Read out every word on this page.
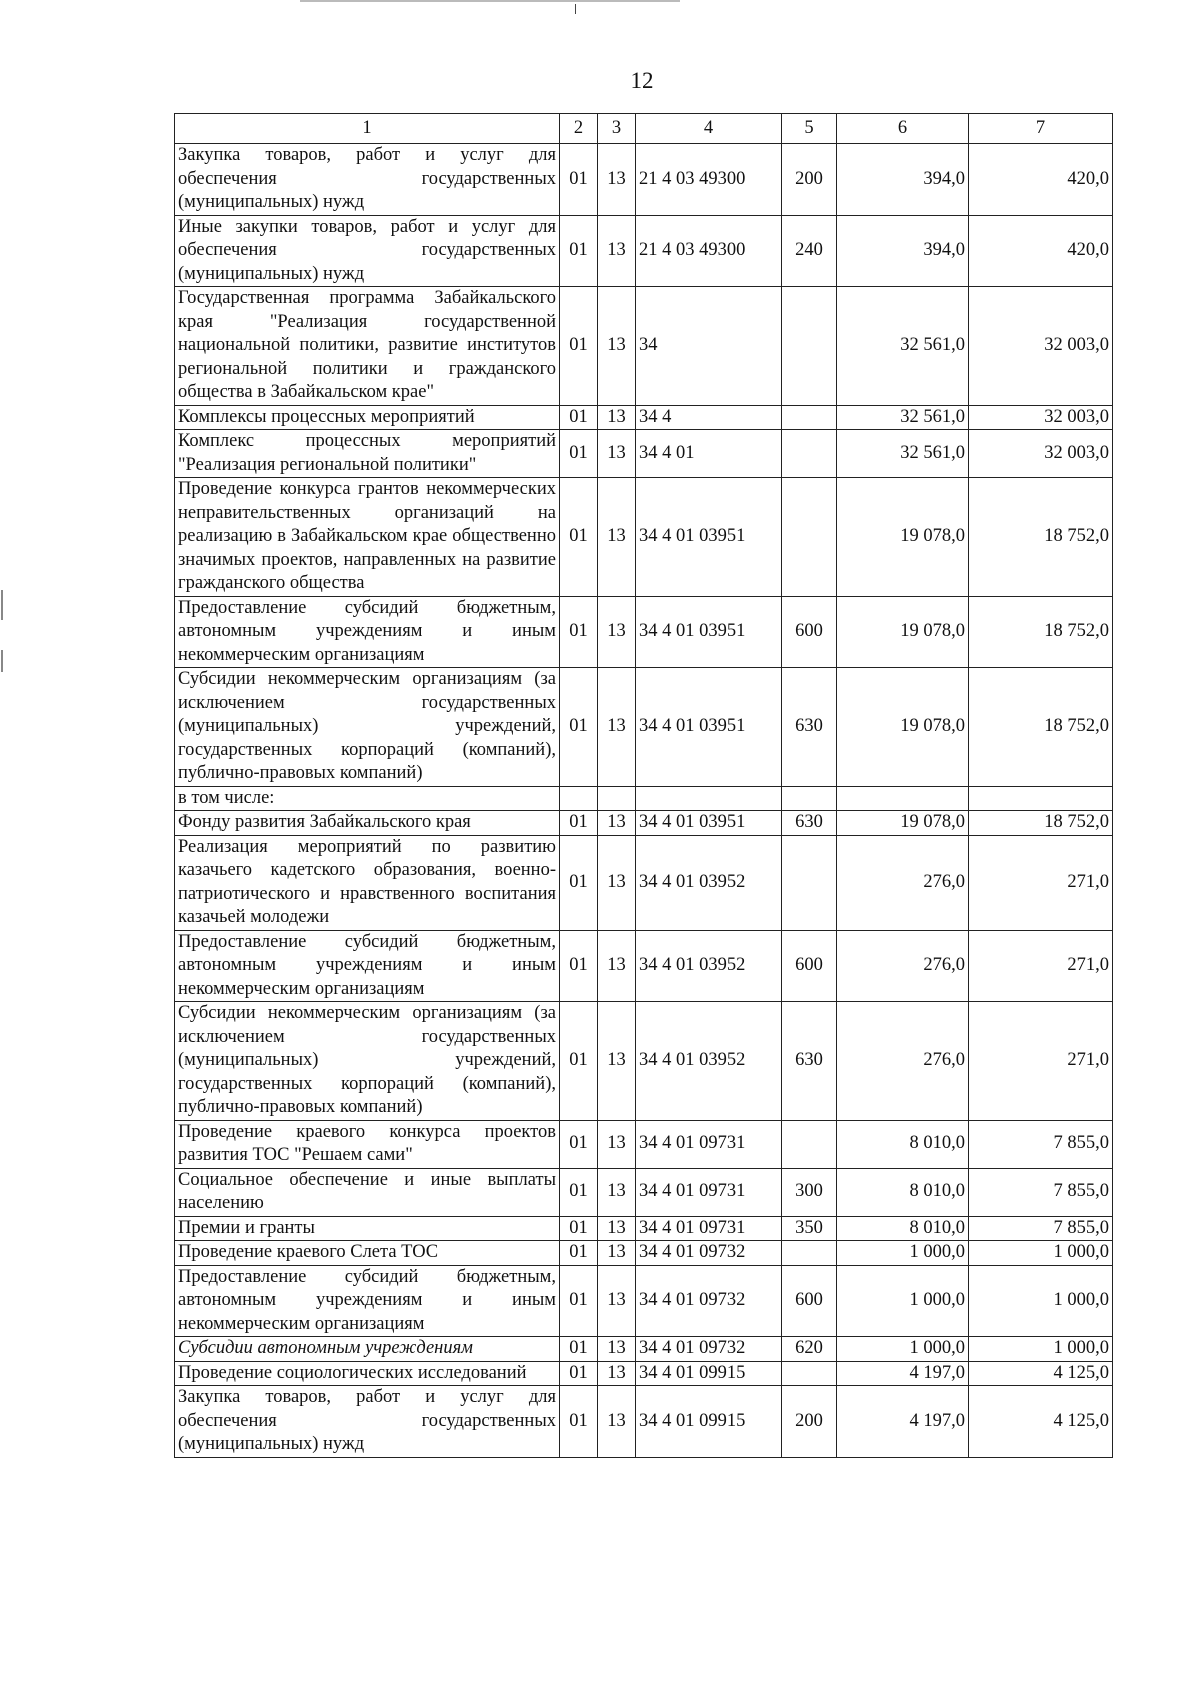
12
1	2	3	4	5	6	7
Закупка товаров, работ и услуг для обеспечения государственных (муниципальных) нужд	01	13	21 4 03 49300	200	394,0	420,0
Иные закупки товаров, работ и услуг для обеспечения государственных (муниципальных) нужд	01	13	21 4 03 49300	240	394,0	420,0
Государственная программа Забайкальского края "Реализация государственной национальной политики, развитие институтов региональной политики и гражданского общества в Забайкальском крае"	01	13	34		32 561,0	32 003,0
Комплексы процессных мероприятий	01	13	34 4		32 561,0	32 003,0
Комплекс процессных мероприятий "Реализация региональной политики"	01	13	34 4 01		32 561,0	32 003,0
Проведение конкурса грантов некоммерческих неправительственных организаций на реализацию в Забайкальском крае общественно значимых проектов, направленных на развитие гражданского общества	01	13	34 4 01 03951		19 078,0	18 752,0
Предоставление субсидий бюджетным, автономным учреждениям и иным некоммерческим организациям	01	13	34 4 01 03951	600	19 078,0	18 752,0
Субсидии некоммерческим организациям (за исключением государственных (муниципальных) учреждений, государственных корпораций (компаний), публично-правовых компаний)	01	13	34 4 01 03951	630	19 078,0	18 752,0
в том числе:						
Фонду развития Забайкальского края	01	13	34 4 01 03951	630	19 078,0	18 752,0
Реализация мероприятий по развитию казачьего кадетского образования, военно-патриотического и нравственного воспитания казачьей молодежи	01	13	34 4 01 03952		276,0	271,0
Предоставление субсидий бюджетным, автономным учреждениям и иным некоммерческим организациям	01	13	34 4 01 03952	600	276,0	271,0
Субсидии некоммерческим организациям (за исключением государственных (муниципальных) учреждений, государственных корпораций (компаний), публично-правовых компаний)	01	13	34 4 01 03952	630	276,0	271,0
Проведение краевого конкурса проектов развития ТОС "Решаем сами"	01	13	34 4 01 09731		8 010,0	7 855,0
Социальное обеспечение и иные выплаты населению	01	13	34 4 01 09731	300	8 010,0	7 855,0
Премии и гранты	01	13	34 4 01 09731	350	8 010,0	7 855,0
Проведение краевого Слета ТОС	01	13	34 4 01 09732		1 000,0	1 000,0
Предоставление субсидий бюджетным, автономным учреждениям и иным некоммерческим организациям	01	13	34 4 01 09732	600	1 000,0	1 000,0
Субсидии автономным учреждениям	01	13	34 4 01 09732	620	1 000,0	1 000,0
Проведение социологических исследований	01	13	34 4 01 09915		4 197,0	4 125,0
Закупка товаров, работ и услуг для обеспечения государственных (муниципальных) нужд	01	13	34 4 01 09915	200	4 197,0	4 125,0
